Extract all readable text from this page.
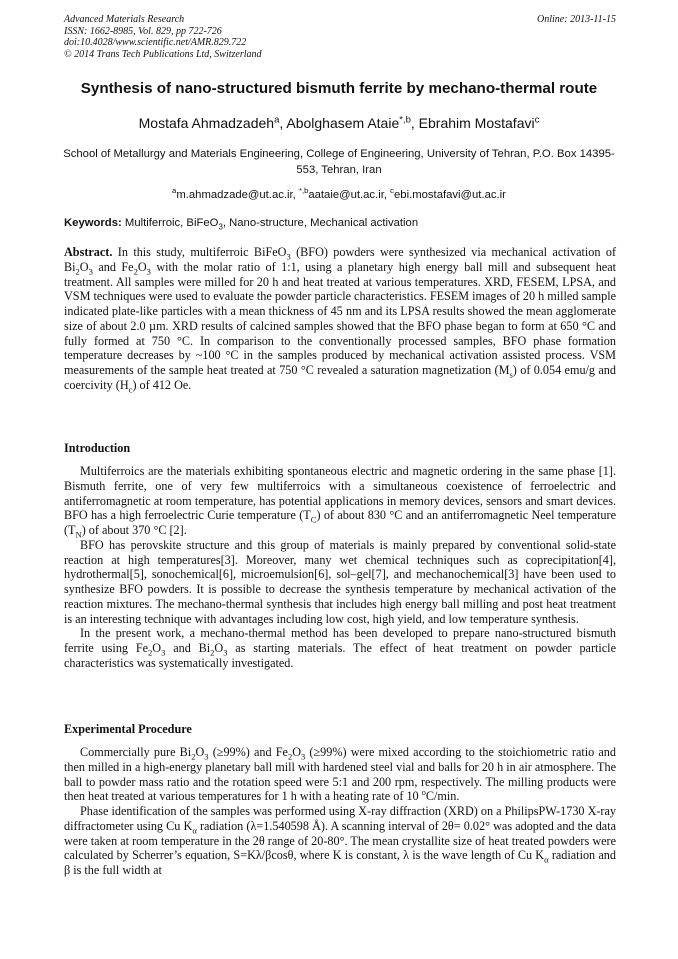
Advanced Materials Research
ISSN: 1662-8985, Vol. 829, pp 722-726
doi:10.4028/www.scientific.net/AMR.829.722
© 2014 Trans Tech Publications Ltd, Switzerland
Online: 2013-11-15
Synthesis of nano-structured bismuth ferrite by mechano-thermal route
Mostafa Ahmadzadeh$^a$, Abolghasem Ataie$^{*,b}$, Ebrahim Mostafavi$^c$
School of Metallurgy and Materials Engineering, College of Engineering, University of Tehran, P.O. Box 14395-553, Tehran, Iran
$^a$m.ahmadzade@ut.ac.ir, $^{*,b}$aataie@ut.ac.ir, $^c$ebi.mostafavi@ut.ac.ir
Keywords: Multiferroic, BiFeO$_3$, Nano-structure, Mechanical activation

Abstract. In this study, multiferroic BiFeO$_3$ (BFO) powders were synthesized via mechanical activation of $Bi_2O_3$ and $Fe_2O_3$ with the molar ratio of 1:1, using a planetary high energy ball mill and subsequent heat treatment. All samples were milled for 20 h and heat treated at various temperatures. XRD, FESEM, LPSA, and VSM techniques were used to evaluate the powder particle characteristics. FESEM images of 20 h milled sample indicated plate-like particles with a mean thickness of 45 nm and its LPSA results showed the mean agglomerate size of about 2.0 µm. XRD results of calcined samples showed that the BFO phase began to form at 650 °C and fully formed at 750 °C. In comparison to the conventionally processed samples, BFO phase formation temperature decreases by ~100 °C in the samples produced by mechanical activation assisted process. VSM measurements of the sample heat treated at 750 °C revealed a saturation magnetization $(M_s)$ of 0.054 emu/g and coercivity $(H_c)$ of 412 Oe.

Introduction

Multiferroics are the materials exhibiting spontaneous electric and magnetic ordering in the same phase [1]. Bismuth ferrite, one of very few multiferroics with a simultaneous coexistence of ferroelectric and antiferromagnetic at room temperature, has potential applications in memory devices, sensors and smart devices. BFO has a high ferroelectric Curie temperature $(T_C)$ of about 830 °C and an antiferromagnetic Neel temperature $(T_N)$ of about 370 °C [2].

BFO has perovskite structure and this group of materials is mainly prepared by conventional solid-state reaction at high temperatures[3]. Moreover, many wet chemical techniques such as coprecipitation[4], hydrothermal[5], sonochemical[6], microemulsion[6], sol–gel[7], and mechanochemical[3] have been used to synthesize BFO powders. It is possible to decrease the synthesis temperature by mechanical activation of the reaction mixtures. The mechano-thermal synthesis that includes high energy ball milling and post heat treatment is an interesting technique with advantages including low cost, high yield, and low temperature synthesis.

In the present work, a mechano-thermal method has been developed to prepare nano-structured bismuth ferrite using $Fe_2O_3$ and $Bi_2O_3$ as starting materials. The effect of heat treatment on powder particle characteristics was systematically investigated.

Experimental Procedure

Commercially pure $Bi_2O_3$ (≥99%) and $Fe_2O_3$ (≥99%) were mixed according to the stoichiometric ratio and then milled in a high-energy planetary ball mill with hardened steel vial and balls for 20 h in air atmosphere. The ball to powder mass ratio and the rotation speed were 5:1 and 200 rpm, respectively. The milling products were then heat treated at various temperatures for 1 h with a heating rate of 10 $^o$C/min.

Phase identification of the samples was performed using X-ray diffraction (XRD) on a PhilipsPW-1730 X-ray diffractometer using Cu $K_\alpha$ radiation (λ=1.540598 Å). A scanning interval of 2θ= 0.02° was adopted and the data were taken at room temperature in the 2θ range of 20-80°. The mean crystallite size of heat treated powders were calculated by Scherrer’s equation, S=Kλ/βcosθ, where K is constant, λ is the wave length of Cu $K_\alpha$ radiation and β is the full width at
